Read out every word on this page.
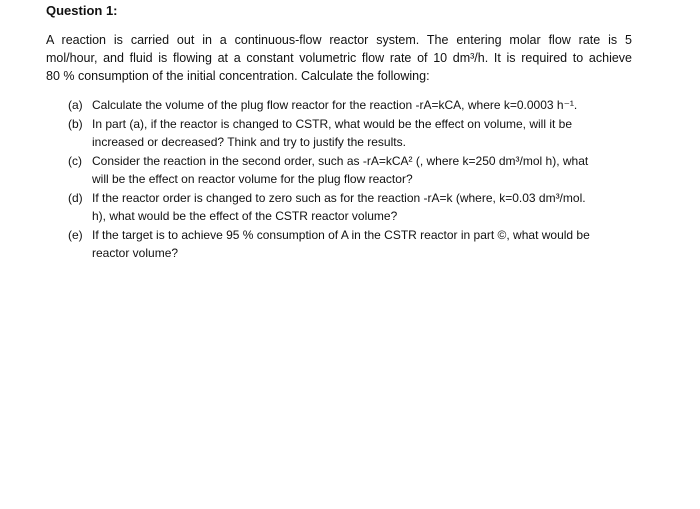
Question 1:
A reaction is carried out in a continuous-flow reactor system. The entering molar flow rate is 5
mol/hour, and fluid is flowing at a constant volumetric flow rate of 10 dm³/h. It is required to achieve
80 % consumption of the initial concentration. Calculate the following:
(a) Calculate the volume of the plug flow reactor for the reaction -rA=kCA, where k=0.0003 h⁻¹.
(b) In part (a), if the reactor is changed to CSTR, what would be the effect on volume, will it be
increased or decreased? Think and try to justify the results.
(c) Consider the reaction in the second order, such as -rA=kCA² (, where k=250 dm³/mol h), what
will be the effect on reactor volume for the plug flow reactor?
(d) If the reactor order is changed to zero such as for the reaction -rA=k (where, k=0.03 dm³/mol.
h), what would be the effect of the CSTR reactor volume?
(e) If the target is to achieve 95 % consumption of A in the CSTR reactor in part ©, what would be
reactor volume?
